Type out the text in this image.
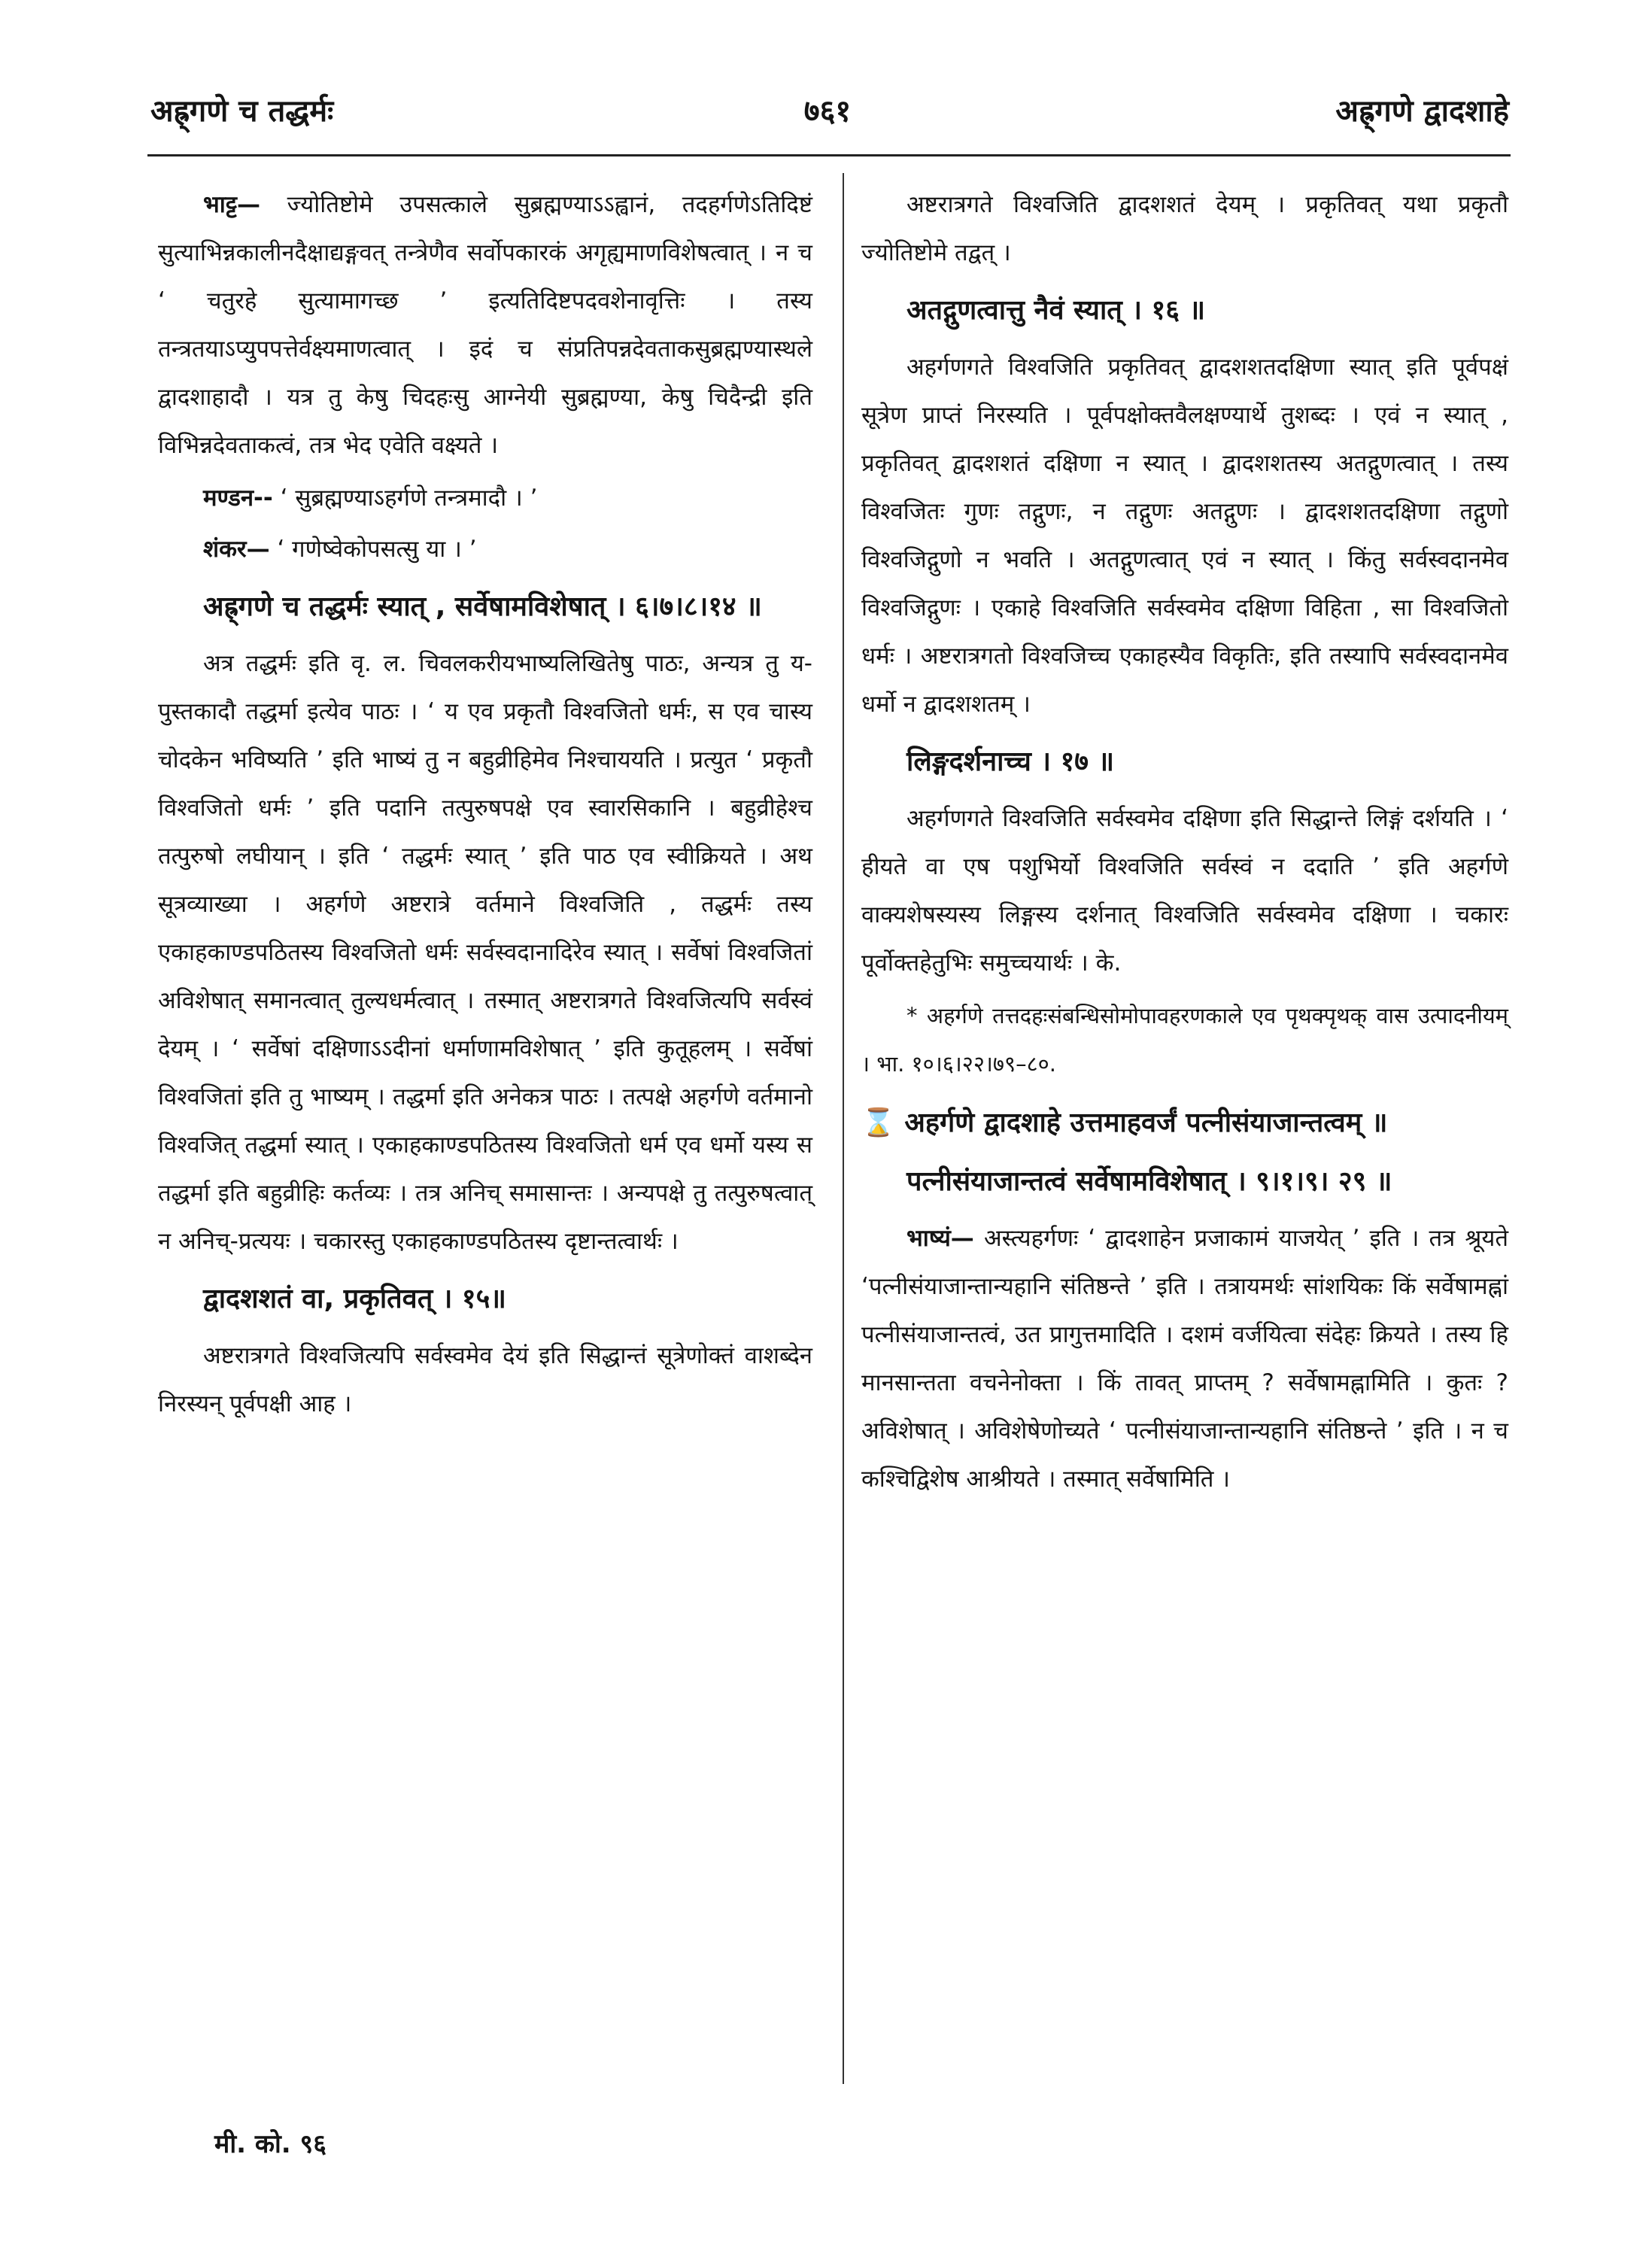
अह्र्गणे च तद्धर्मः	७६१	अह्र्गणे द्वादशाहे

भाट्ट— ज्योतिष्टोमे उपसत्काले सुब्रह्मण्याऽऽह्वानं, तदहर्गणेऽतिदिष्टं सुत्याभिन्नकालीनदैक्षाद्यङ्गवत् तन्त्रेणैव सर्वोपकारकं अगृह्यमाणविशेषत्वात् । न च ‘ चतुरहे सुत्यामागच्छ ’ इत्यतिदिष्टपदवशेनावृत्तिः । तस्य तन्त्रतयाऽप्युपपत्तेर्वक्ष्यमाणत्वात् । इदं च संप्रतिपन्नदेवताकसुब्रह्मण्यास्थले द्वादशाहादौ । यत्र तु केषु चिदहःसु आग्नेयी सुब्रह्मण्या, केषु चिदैन्द्री इति विभिन्नदेवताकत्वं, तत्र भेद एवेति वक्ष्यते ।

मण्डन-- ‘ सुब्रह्मण्याऽहर्गणे तन्त्रमादौ । ’

शंकर— ‘ गणेष्वेकोपसत्सु या । ’

अह्र्गणे च तद्धर्मः स्यात् , सर्वेषामविशेषात् । ६।७।८।१४ ॥

अत्र तद्धर्मः इति वृ. ल. चिवलकरीयभाष्यलिखितेषु पाठः, अन्यत्र तु य-पुस्तकादौ तद्धर्मा इत्येव पाठः । ‘ य एव प्रकृतौ विश्वजितो धर्मः, स एव चास्य चोदकेन भविष्यति ’ इति भाष्यं तु न बहुव्रीहिमेव निश्चाययति । प्रत्युत ‘ प्रकृतौ विश्वजितो धर्मः ’ इति पदानि तत्पुरुषपक्षे एव स्वारसिकानि । बहुव्रीहेश्च तत्पुरुषो लघीयान् । इति ‘ तद्धर्मः स्यात् ’ इति पाठ एव स्वीक्रियते । अथ सूत्रव्याख्या । अहर्गणे अष्टरात्रे वर्तमाने विश्वजिति , तद्धर्मः तस्य एकाहकाण्डपठितस्य विश्वजितो धर्मः सर्वस्वदानादिरेव स्यात् । सर्वेषां विश्वजितां अविशेषात् समानत्वात् तुल्यधर्मत्वात् । तस्मात् अष्टरात्रगते विश्वजित्यपि सर्वस्वं देयम् । ‘ सर्वेषां दक्षिणाऽऽदीनां धर्माणामविशेषात् ’ इति कुतूहलम् । सर्वेषां विश्वजितां इति तु भाष्यम् । तद्धर्मा इति अनेकत्र पाठः । तत्पक्षे अहर्गणे वर्तमानो विश्वजित् तद्धर्मा स्यात् । एकाहकाण्डपठितस्य विश्वजितो धर्म एव धर्मो यस्य स तद्धर्मा इति बहुव्रीहिः कर्तव्यः । तत्र अनिच् समासान्तः । अन्यपक्षे तु तत्पुरुषत्वात् न अनिच्-प्रत्ययः । चकारस्तु एकाहकाण्डपठितस्य दृष्टान्तत्वार्थः ।

द्वादशशतं वा, प्रकृतिवत् । १५॥

अष्टरात्रगते विश्वजित्यपि सर्वस्वमेव देयं इति सिद्धान्तं सूत्रेणोक्तं वाशब्देन निरस्यन् पूर्वपक्षी आह ।

अष्टरात्रगते विश्वजिति द्वादशशतं देयम् । प्रकृतिवत् यथा प्रकृतौ ज्योतिष्टोमे तद्वत् ।

अतद्गुणत्वात्तु नैवं स्यात् । १६ ॥

अहर्गणगते विश्वजिति प्रकृतिवत् द्वादशशतदक्षिणा स्यात् इति पूर्वपक्षं सूत्रेण प्राप्तं निरस्यति । पूर्वपक्षोक्तवैलक्षण्यार्थे तुशब्दः । एवं न स्यात् , प्रकृतिवत् द्वादशशतं दक्षिणा न स्यात् । द्वादशशतस्य अतद्गुणत्वात् । तस्य विश्वजितः गुणः तद्गुणः, न तद्गुणः अतद्गुणः । द्वादशशतदक्षिणा तद्गुणो विश्वजिद्गुणो न भवति । अतद्गुणत्वात् एवं न स्यात् । किंतु सर्वस्वदानमेव विश्वजिद्गुणः । एकाहे विश्वजिति सर्वस्वमेव दक्षिणा विहिता , सा विश्वजितो धर्मः । अष्टरात्रगतो विश्वजिच्च एकाहस्यैव विकृतिः, इति तस्यापि सर्वस्वदानमेव धर्मो न द्वादशशतम् ।

लिङ्गदर्शनाच्च । १७ ॥

अहर्गणगते विश्वजिति सर्वस्वमेव दक्षिणा इति सिद्धान्ते लिङ्गं दर्शयति । ‘ हीयते वा एष पशुभिर्यो विश्वजिति सर्वस्वं न ददाति ’ इति अहर्गणे वाक्यशेषस्यस्य लिङ्गस्य दर्शनात् विश्वजिति सर्वस्वमेव दक्षिणा । चकारः पूर्वोक्तहेतुभिः समुच्चयार्थः । के.

* अहर्गणे तत्तदहःसंबन्धिसोमोपावहरणकाले एव पृथक्पृथक् वास उत्पादनीयम् । भा. १०।६।२२।७९–८०.

⌛ अहर्गणे द्वादशाहे उत्तमाहवर्जं पत्नीसंयाजान्तत्वम् ॥

पत्नीसंयाजान्तत्वं सर्वेषामविशेषात् । ९।१।९। २९ ॥

भाष्यं— अस्त्यहर्गणः ‘ द्वादशाहेन प्रजाकामं याजयेत् ’ इति । तत्र श्रूयते ‘पत्नीसंयाजान्तान्यहानि संतिष्ठन्ते ’ इति । तत्रायमर्थः सांशयिकः किं सर्वेषामह्नां पत्नीसंयाजान्तत्वं, उत प्रागुत्तमादिति । दशमं वर्जयित्वा संदेहः क्रियते । तस्य हि मानसान्तता वचनेनोक्ता । किं तावत् प्राप्तम् ? सर्वेषामह्नामिति । कुतः ? अविशेषात् । अविशेषेणोच्यते ‘ पत्नीसंयाजान्तान्यहानि संतिष्ठन्ते ’ इति । न च कश्चिद्विशेष आश्रीयते । तस्मात् सर्वेषामिति ।

मी. को. ९६
